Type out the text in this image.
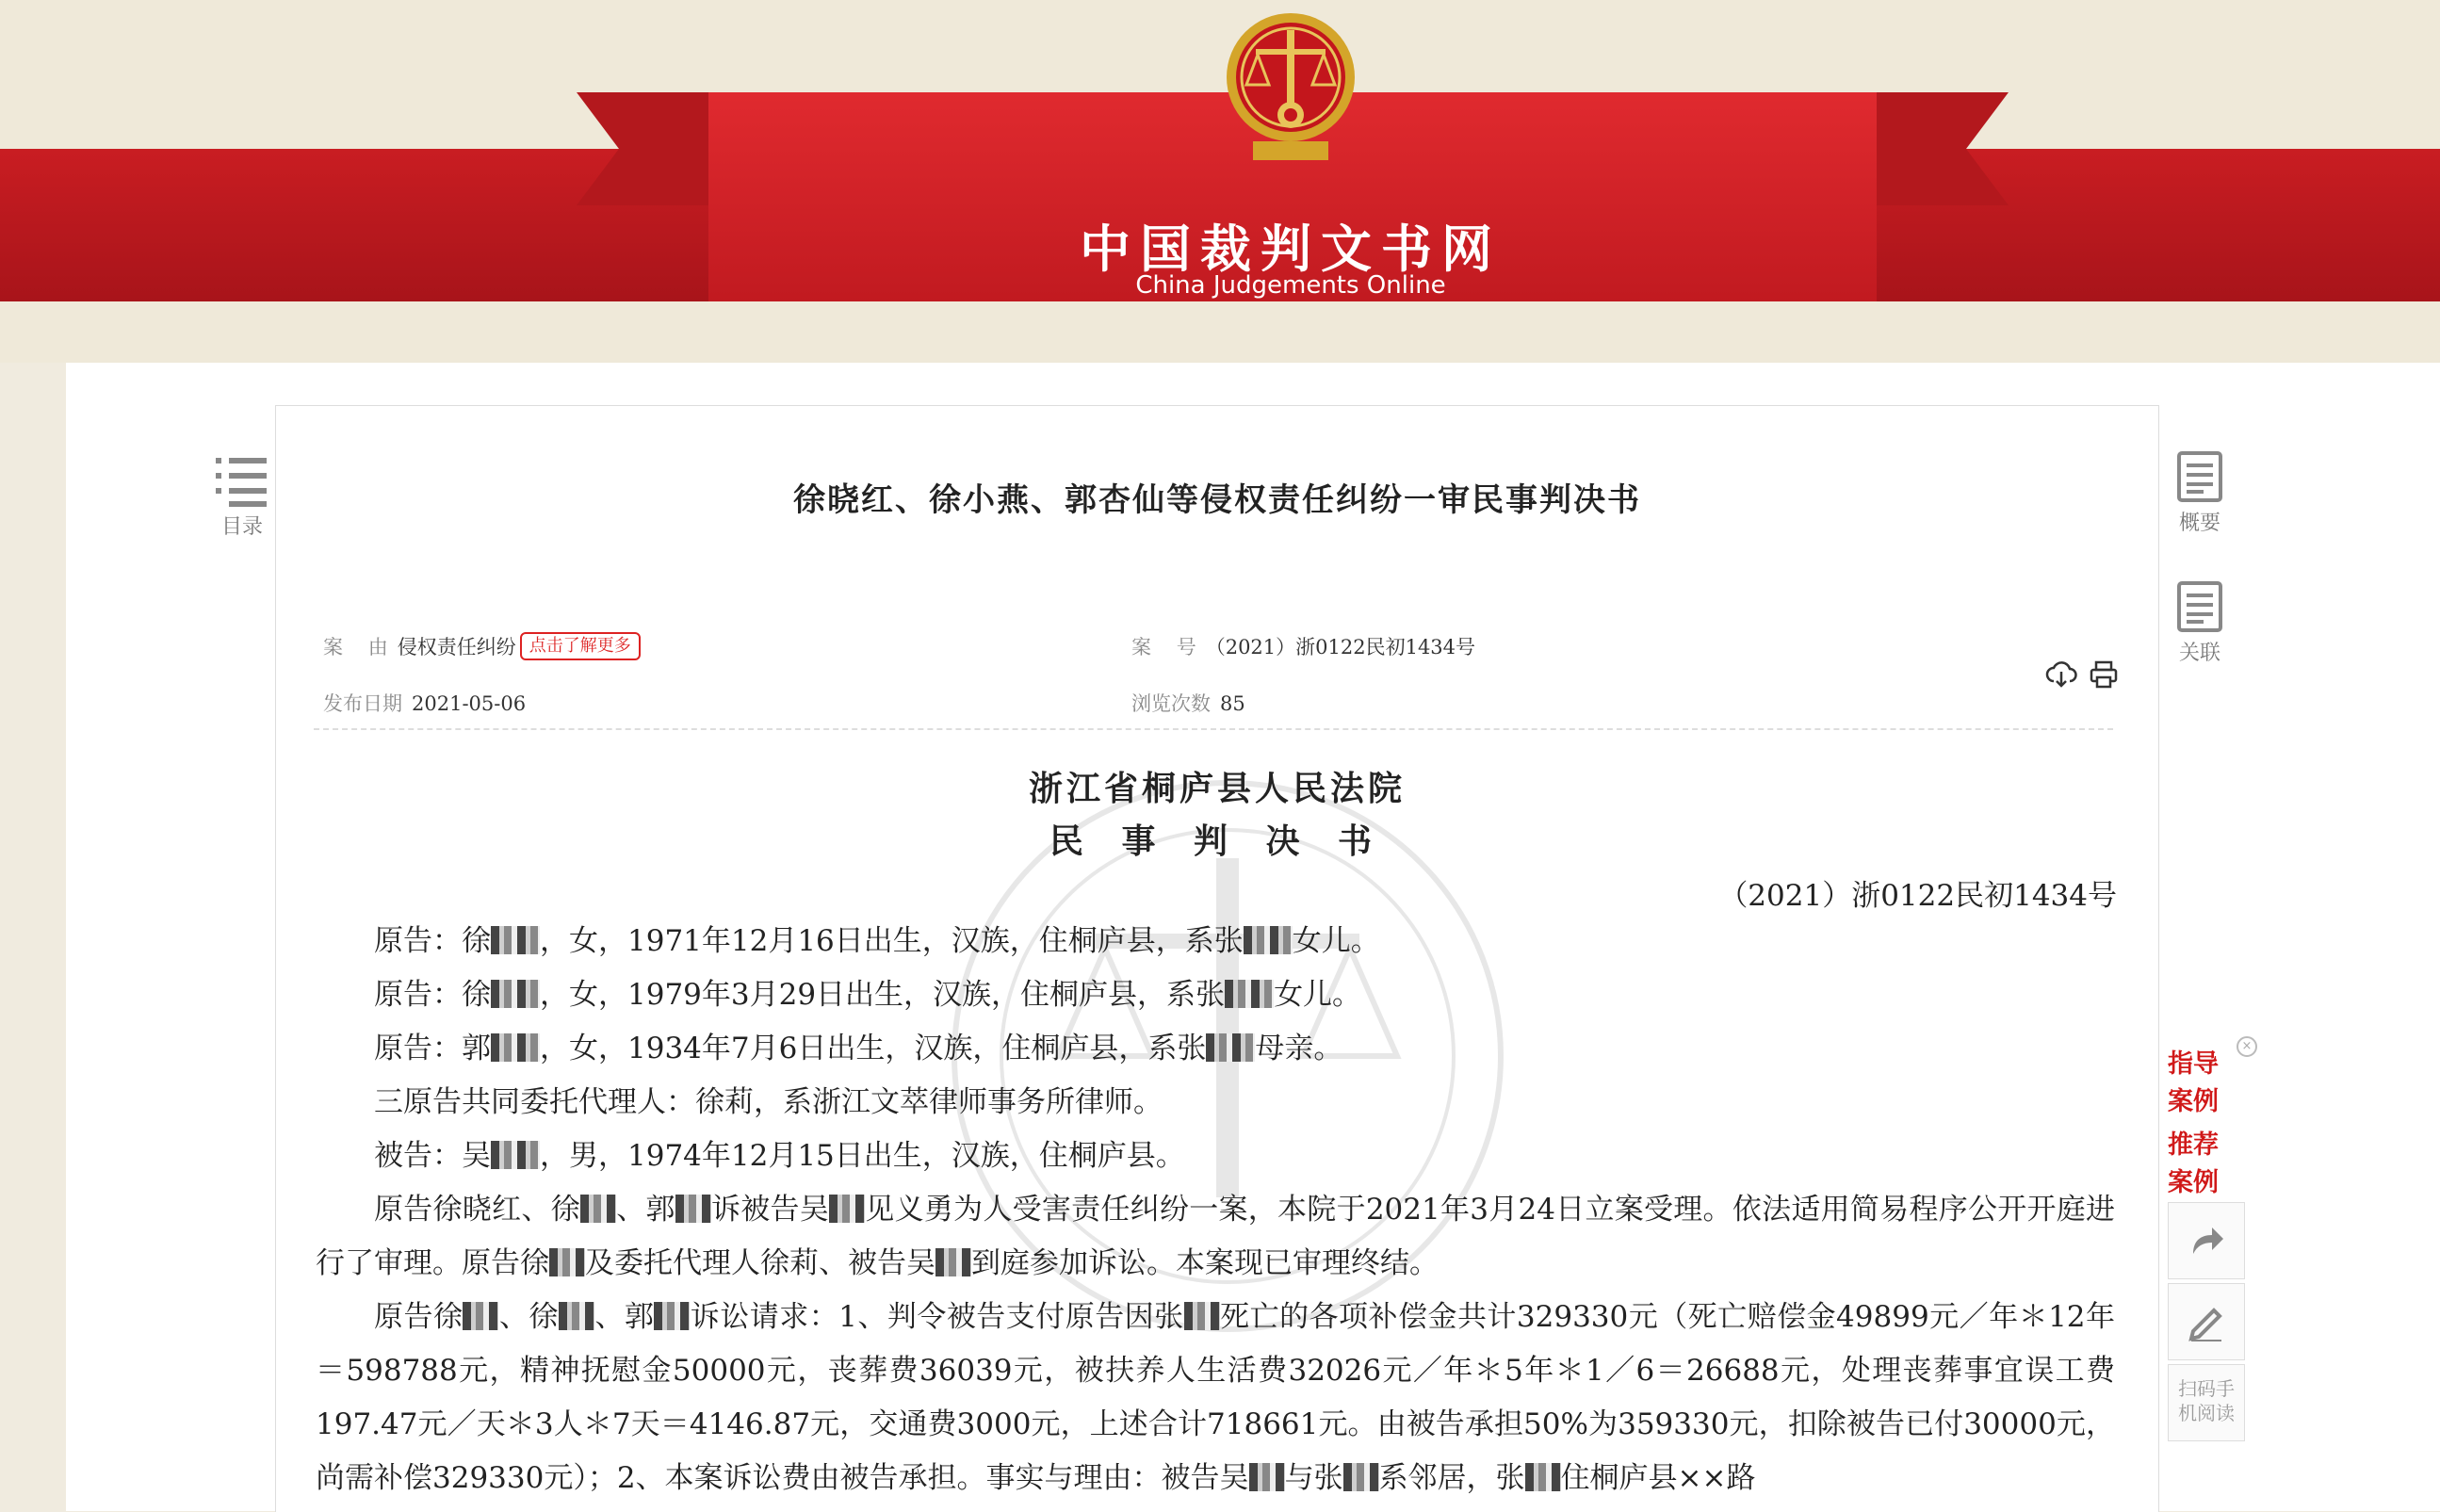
中国裁判文书网
China Judgements Online
目录
徐晓红、徐小燕、郭杏仙等侵权责任纠纷一审民事判决书
案    由 侵权责任纠纷 点击了解更多	案    号 （2021）浙0122民初1434号
发布日期 2021-05-06	浏览次数 85

浙江省桐庐县人民法院
民 事 判 决 书
（2021）浙0122民初1434号

原告：徐 ，女，1971年12月16日出生，汉族，住桐庐县，系张 女儿。

原告：徐 ，女，1979年3月29日出生，汉族，住桐庐县，系张 女儿。

原告：郭 ，女，1934年7月6日出生，汉族，住桐庐县，系张 母亲。

三原告共同委托代理人：徐莉，系浙江文萃律师事务所律师。

被告：吴 ，男，1974年12月15日出生，汉族，住桐庐县。

原告徐晓红、徐 、郭 诉被告吴 见义勇为人受害责任纠纷一案，本院于2021年3月24日立案受理。依法适用简易程序公开开庭进行了审理。原告徐 及委托代理人徐莉、被告吴 到庭参加诉讼。本案现已审理终结。

原告徐 、徐 、郭 诉讼请求：1、判令被告支付原告因张 死亡的各项补偿金共计329330元（死亡赔偿金49899元／年＊12年＝598788元，精神抚慰金50000元，丧葬费36039元，被扶养人生活费32026元／年＊5年＊1／6＝26688元，处理丧葬事宜误工费197.47元／天＊3人＊7天＝4146.87元，交通费3000元，上述合计718661元。由被告承担50%为359330元，扣除被告已付30000元，尚需补偿329330元）；2、本案诉讼费由被告承担。事实与理由：被告吴 与张 系邻居，张 住桐庐县××路

概要
关联
×
指导
案例
推荐
案例
扫码手
机阅读
